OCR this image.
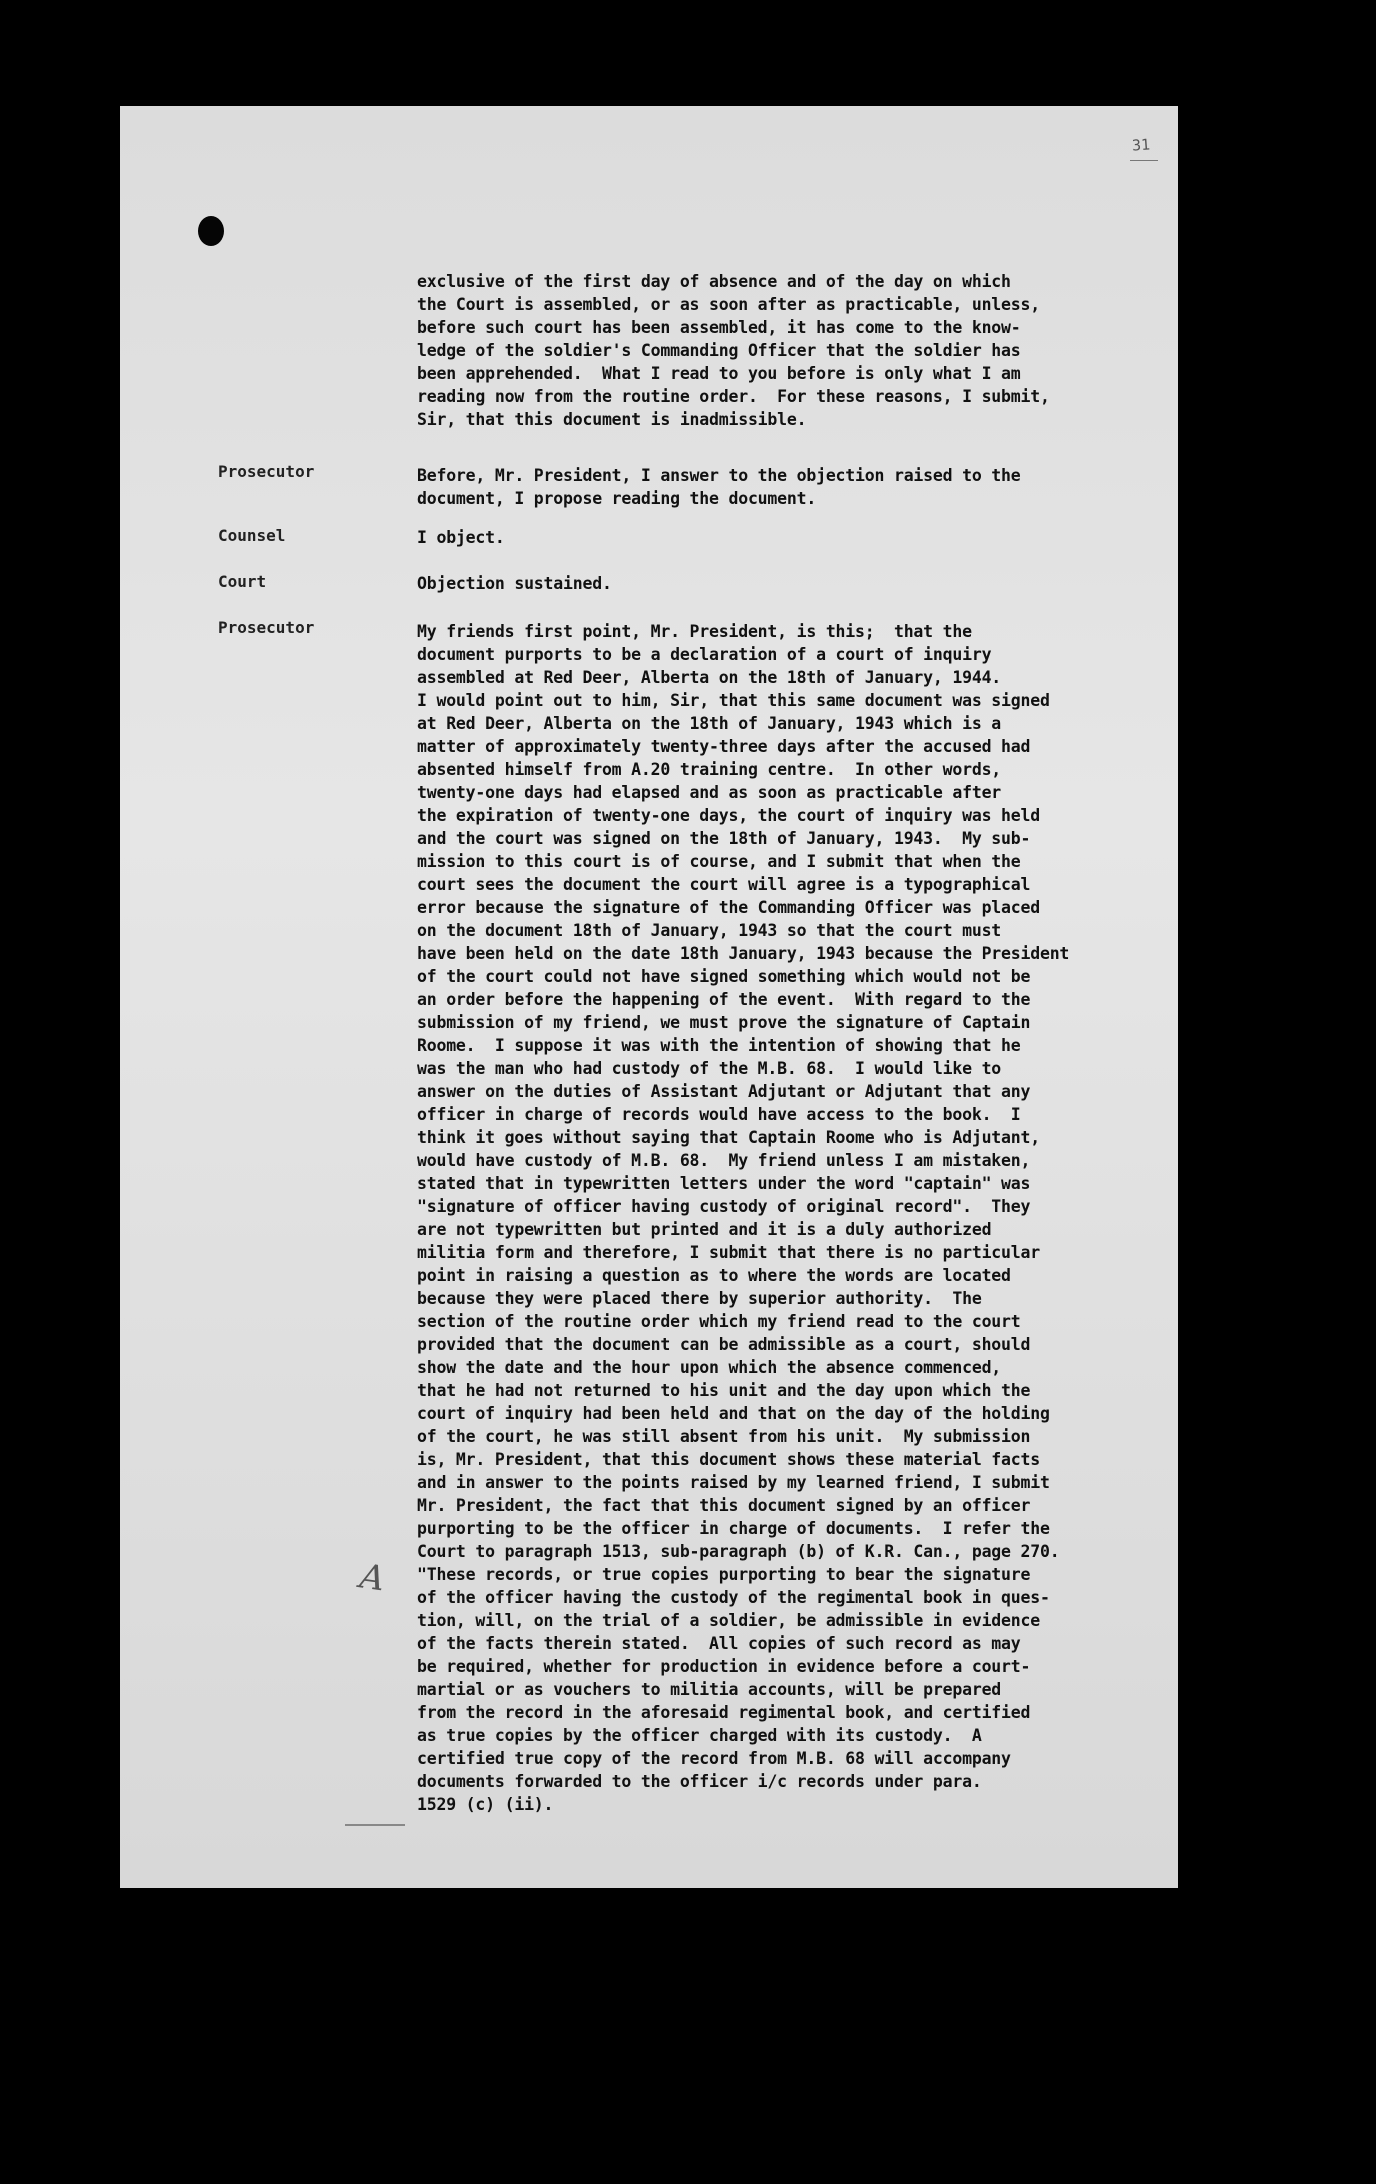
31
exclusive of the first day of absence and of the day on which
the Court is assembled, or as soon after as practicable, unless,
before such court has been assembled, it has come to the know-
ledge of the soldier's Commanding Officer that the soldier has
been apprehended.  What I read to you before is only what I am
reading now from the routine order.  For these reasons, I submit,
Sir, that this document is inadmissible.
Prosecutor	Before, Mr. President, I answer to the objection raised to the
document, I propose reading the document.
Counsel	I object.
Court	Objection sustained.
Prosecutor	My friends first point, Mr. President, is this;  that the
document purports to be a declaration of a court of inquiry
assembled at Red Deer, Alberta on the 18th of January, 1944.
I would point out to him, Sir, that this same document was signed
at Red Deer, Alberta on the 18th of January, 1943 which is a
matter of approximately twenty-three days after the accused had
absented himself from A.20 training centre.  In other words,
twenty-one days had elapsed and as soon as practicable after
the expiration of twenty-one days, the court of inquiry was held
and the court was signed on the 18th of January, 1943.  My sub-
mission to this court is of course, and I submit that when the
court sees the document the court will agree is a typographical
error because the signature of the Commanding Officer was placed
on the document 18th of January, 1943 so that the court must
have been held on the date 18th January, 1943 because the President
of the court could not have signed something which would not be
an order before the happening of the event.  With regard to the
submission of my friend, we must prove the signature of Captain
Roome.  I suppose it was with the intention of showing that he
was the man who had custody of the M.B. 68.  I would like to
answer on the duties of Assistant Adjutant or Adjutant that any
officer in charge of records would have access to the book.  I
think it goes without saying that Captain Roome who is Adjutant,
would have custody of M.B. 68.  My friend unless I am mistaken,
stated that in typewritten letters under the word "captain" was
"signature of officer having custody of original record".  They
are not typewritten but printed and it is a duly authorized
militia form and therefore, I submit that there is no particular
point in raising a question as to where the words are located
because they were placed there by superior authority.  The
section of the routine order which my friend read to the court
provided that the document can be admissible as a court, should
show the date and the hour upon which the absence commenced,
that he had not returned to his unit and the day upon which the
court of inquiry had been held and that on the day of the holding
of the court, he was still absent from his unit.  My submission
is, Mr. President, that this document shows these material facts
and in answer to the points raised by my learned friend, I submit
Mr. President, the fact that this document signed by an officer
purporting to be the officer in charge of documents.  I refer the
Court to paragraph 1513, sub-paragraph (b) of K.R. Can., page 270.
"These records, or true copies purporting to bear the signature
of the officer having the custody of the regimental book in ques-
tion, will, on the trial of a soldier, be admissible in evidence
of the facts therein stated.  All copies of such record as may
be required, whether for production in evidence before a court-
martial or as vouchers to militia accounts, will be prepared
from the record in the aforesaid regimental book, and certified
as true copies by the officer charged with its custody.  A
certified true copy of the record from M.B. 68 will accompany
documents forwarded to the officer i/c records under para.
1529 (c) (ii).
A
